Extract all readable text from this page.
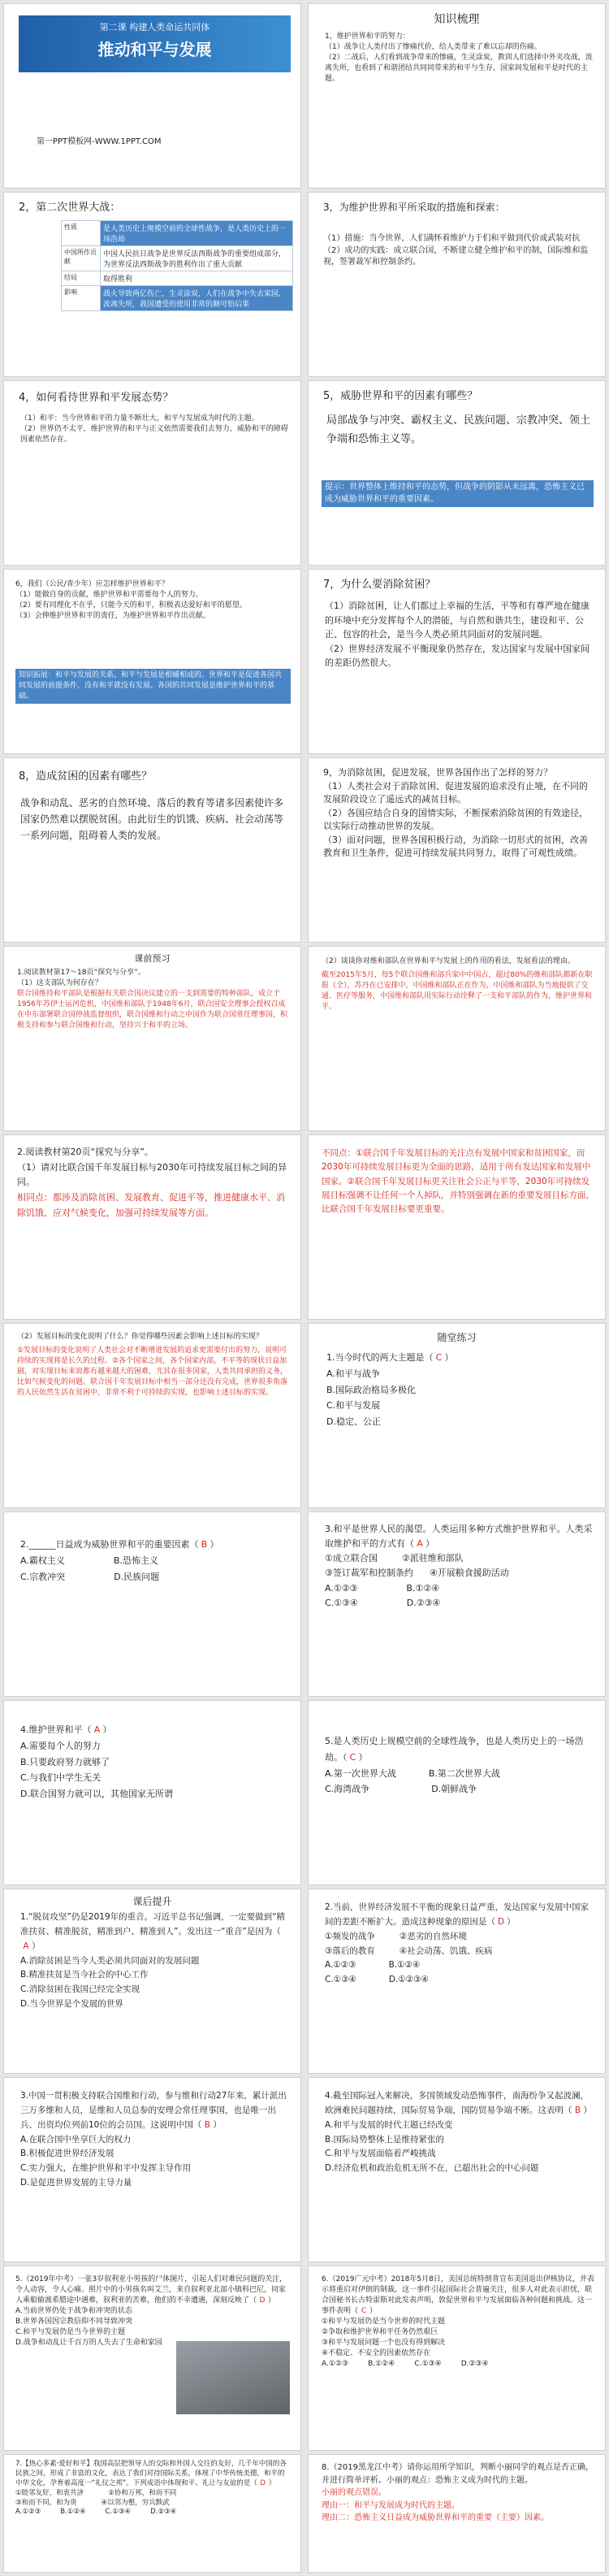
第二课 构建人类命运共同体
推动和平与发展
第一PPT模板网-WWW.1PPT.COM
知识梳理
1，维护世界和平的努力：
（1）战争让人类付出了惨痛代价，给人类带来了难以忘却的伤痛。
（2）二战后，人们看到战争带来的惨痛，生灵涂炭，教训人们选择中外夹攻战，流离失所，也看到了和谐团结共同同带来的和平与生存，国家间发展和平是时代的主题。
2，第二次世界大战：
性质	是人类历史上规模空前的全球性战争，是人类历史上的一场浩劫
中国所作贡献	中国人民抗日战争是世界反法西斯战争的重要组成部分，为世界反法西斯战争的胜利作出了重大贡献
结局	取得胜利
影响	战火导致两亿伤亡，生灵涂炭，人们在战争中失去家园，流离失所，我国遭受的使用非常的颠可怕后果
3，为维护世界和平所采取的措施和探索：
（1）措施：当今世界，人们满怀着维护力于们和平做到代价或武装对抗
（2）成功的实践：成立联合国，不断建立健全维护和平的制，国际维和监视，签署裁军和控制条约。
4，如何看待世界和平发展态势？
（1）和平：当今世界和平的力量不断壮大，和平与发展成为时代的主题。
（2）世界仍不太平，维护世界的和平与正义依然需要我们去努力，威胁和平的障碍因素依然存在。
5，威胁世界和平的因素有哪些？
局部战争与冲突、霸权主义、民族问题、宗教冲突、领土争端和恐怖主义等。
提示：世界整体上维持和平的态势，但战争的阴影从未远离，恐怖主义已成为威胁世界和平的重要因素。
6，我们（公民/青少年）应怎样维护世界和平？
（1）能做自身的贡献，维护世界和平需要每个人的努力。
（2）要有同理化不在乎，只能今天的和平，积极表达爱好和平的愿望。
（3）会伸维护世界和平的责任，为维护世界和平作出贡献。
知识拓展：和平与发展的关系。和平与发展是相辅相成的。世界和平是促进各国共同发展的前提条件，没有和平就没有发展。各国的共同发展是维护世界和平的基础。
7，为什么要消除贫困？
（1）消除贫困，让人们都过上幸福的生活，平等和有尊严地在健康的环境中充分发挥每个人的潜能，与自然和谐共生，建设和平、公正、包容的社会，是当今人类必须共同面对的发展问题。
（2）世界经济发展不平衡现象仍然存在，发达国家与发展中国家间的差距仍然很大。
8，造成贫困的因素有哪些？
战争和动乱、恶劣的自然环境、落后的教育等诸多因素使许多国家仍然难以摆脱贫困。由此衍生的饥饿、疾病、社会动荡等一系列问题，阻碍着人类的发展。
9，为消除贫困，促进发展，世界各国作出了怎样的努力？
（1）人类社会对于消除贫困、促进发展的追求没有止境，在不同的发展阶段设立了遥远式的减贫目标。
（2）各国应结合自身的国情实际，不断探索消除贫困的有效途径，以实际行动推动世界的发展。
（3）面对问题，世界各国积极行动，为消除一切形式的贫困，改善教育和卫生条件，促进可持续发展共同努力，取得了可观性成绩。
课前预习
1.阅读教材第17～18页“探究与分享”。
（1）这支部队为何存在？
联合国维持和平部队是根据有关联合国决议建立的一支到需要的特种部队，成立于1956年苏伊士运河危机，中国维和部队于1948年6月，联合国安全理事会授权召成在中东部署联合国停战监督组织，联合国维和行动之中国作为联合国常任理事国，积极支持和参与联合国维和行动，坚持兴于和平的立场。
（2）谈谈你对维和部队在世界和平与发展上的作用的看法，发展看法的理由。
截至2015年5月，每5个联合国维和部兵家中中国占，超过80%的维和部队都新在职报（全），苏丹在已安排中，中国维和部队正在作为，中国维和部队为当地提供了交通、医疗等服务，中国维和部队用实际行动诠释了一支和平部队的作为，维护世界和平。
2.阅读教材第20页“探究与分享”。
（1）请对比联合国千年发展目标与2030年可持续发展目标之间的异同。
相同点：都涉及消除贫困、发展教育、促进平等，推进健康水平、消除饥饿、应对气候变化，加强可持续发展等方面。
不同点：①联合国千年发展目标的关注点有发展中国家和贫困国家，而2030年可持续发展目标更为全面的思路，适用于所有发达国家和发展中国家。②联合国千年发展目标更关注社会公正与平等，2030年可持续发展目标强调不让任何一个人掉队，并特别强调在新的重要发展目标方面，比联合国千年发展目标要更重要。
（2）发展目标的变化说明了什么？你觉得哪些因素会影响上述目标的实现？
①发展目标的变化说明了人类社会对不断增进发展的追求更需要付出的努力，说明可持续的实现将是长久的过程。②各个国家之间，各个国家内部，不平等的现状日益加剧，对实现目标来说都有越来越大的困难，尤其在很多国家，人类共同承担的义务，比如气候变化的问题、联合国千年发展目标中相当一部分还没有完成，世界很多角落的人民依然生活在贫困中，非常不利于可持续的实现，也影响上述目标的实现。
随堂练习
1.当今时代的两大主题是（ C ）
A.和平与战争
B.国际政治格局多极化
C.和平与发展
D.稳定、公正
2.______日益成为威胁世界和平的重要因素（ B ）
A.霸权主义	B.恐怖主义
C.宗教冲突	D.民族问题
3.和平是世界人民的渴望。人类运用多种方式维护世界和平。人类采取维护和平的方式有（ A ）
①成立联合国	②派驻维和部队
③签订裁军和控制条约 ④开展粮食援助活动
A.①②③	B.①②④
C.①③④	D.②③④
4.维护世界和平（ A ）
A.需要每个人的努力
B.只要政府努力就够了
C.与我们中学生无关
D.联合国努力就可以，其他国家无所谓
5.是人类历史上规模空前的全球性战争，也是人类历史上的一场浩劫。（ C ）
A.第一次世界大战	B.第二次世界大战
C.海湾战争	D.朝鲜战争
课后提升
1.“脱贫攻坚”仍是2019年的重音。习近平总书记强调，一定要做到“精准扶贫、精准脱贫，精准到户、精准到人”。发出这一“重音”是因为（A ）
A.消除贫困是当今人类必须共同面对的发展问题
B.精准扶贫是当今社会的中心工作
C.消除贫困在我国已经完全实现
D.当今世界是个发展的世界
2.当前，世界经济发展不平衡的现象日益严重，发达国家与发展中国家间的差距不断扩大。造成这种现象的原因是（ D ）
①频发的战争	②恶劣的自然环境
③落后的教育	④社会动荡、饥饿、疾病
A.①②③	B.①②④
C.①③④	D.①②③④
3.中国一贯积极支持联合国维和行动，参与维和行动27年来，累计派出三万多维和人员，是维和人员总参的安理会常任理事国，也是唯一出兵、出资均位列前10位的会员国。这说明中国（ B ）
A.在联合国中坐享巨大的权力
B.积极促进世界经济发展
C.实力强大，在维护世界和平中发挥主导作用
D.是促进世界发展的主导力量
4.截至国际冠入来解决，多国领域发动恐怖事件，南海纷争又起波澜，欧洲难民问题持续，国际贸易争端，国防贸易争端不断。这表明（ B ）
A.和平与发展的时代主题已经改变
B.国际局势整体上是维持紧张的
C.和平与发展面临着严峻挑战
D.经济危机和政治危机无所不在，已超出社会的中心问题
5.（2019年中考）一张3岁叙利亚小男孩的尸体图片，引起人们对难民问题的关注，令人动容，令人心痛。照片中的小男孩名叫艾兰，来自叙利亚北部小镇科巴尼，同家人乘船偷渡希腊途中遇难，叙利亚的苦难，他们的不幸遭遇，深刻反映了（ D ）
A.当前世界仍处于战争和冲突的状态
B.世界各国因宗教信仰不同导致冲突
C.和平与发展仍是当今世界的主题
D.战争和动乱让千百万的人失去了生命和家园
6.（2019广元中考）2018年5月8日，美国总统特朗普宣布美国退出伊核协议，并表示将重启对伊朗的制裁。这一事件引起国际社会普遍关注，很多人对此表示担忧，联合国秘书长古特雷斯对此发表声明，敦促世界和平与发展面临各种问题和挑战。这一事件表明（ C ）
①和平与发展仍是当今世界的时代主题
②争取和维护世界和平任务仍然艰巨
③和平与发展问题一个也没有得到解决
④不稳定、不安全的因素依然存在
A.①②③	B.①②④	C.①③④	D.②③④
7.【热心多素·爱好和平】我国高层把领导人的交际和外国人交往的友好，几千年中国的各民族之间，形成了非富的文化，表达了我们对待国际关系，体现了中华传统美德，和平的中华文化，孕育着高度一“礼仪之邦”。下列成语中体现和平、礼让与友谊的是（ D ）
①睦邻友好，和衷共济	②协和万邦，和而不同
③和而不同，和为贵	④以邻为壑，穷兵黩武
A.①②③	B.①②④	C.①③④	D.②③④
8.（2019黑龙江中考）请你运用所学知识，判断小丽同学的观点是否正确，并进行简单评析。小丽的观点：恐怖主义成为时代的主题。
小丽的观点错误。
理由一：和平与发展成为时代的主题。
理由二：恐怖主义日益成为威胁世界和平的重要（主要）因素。
